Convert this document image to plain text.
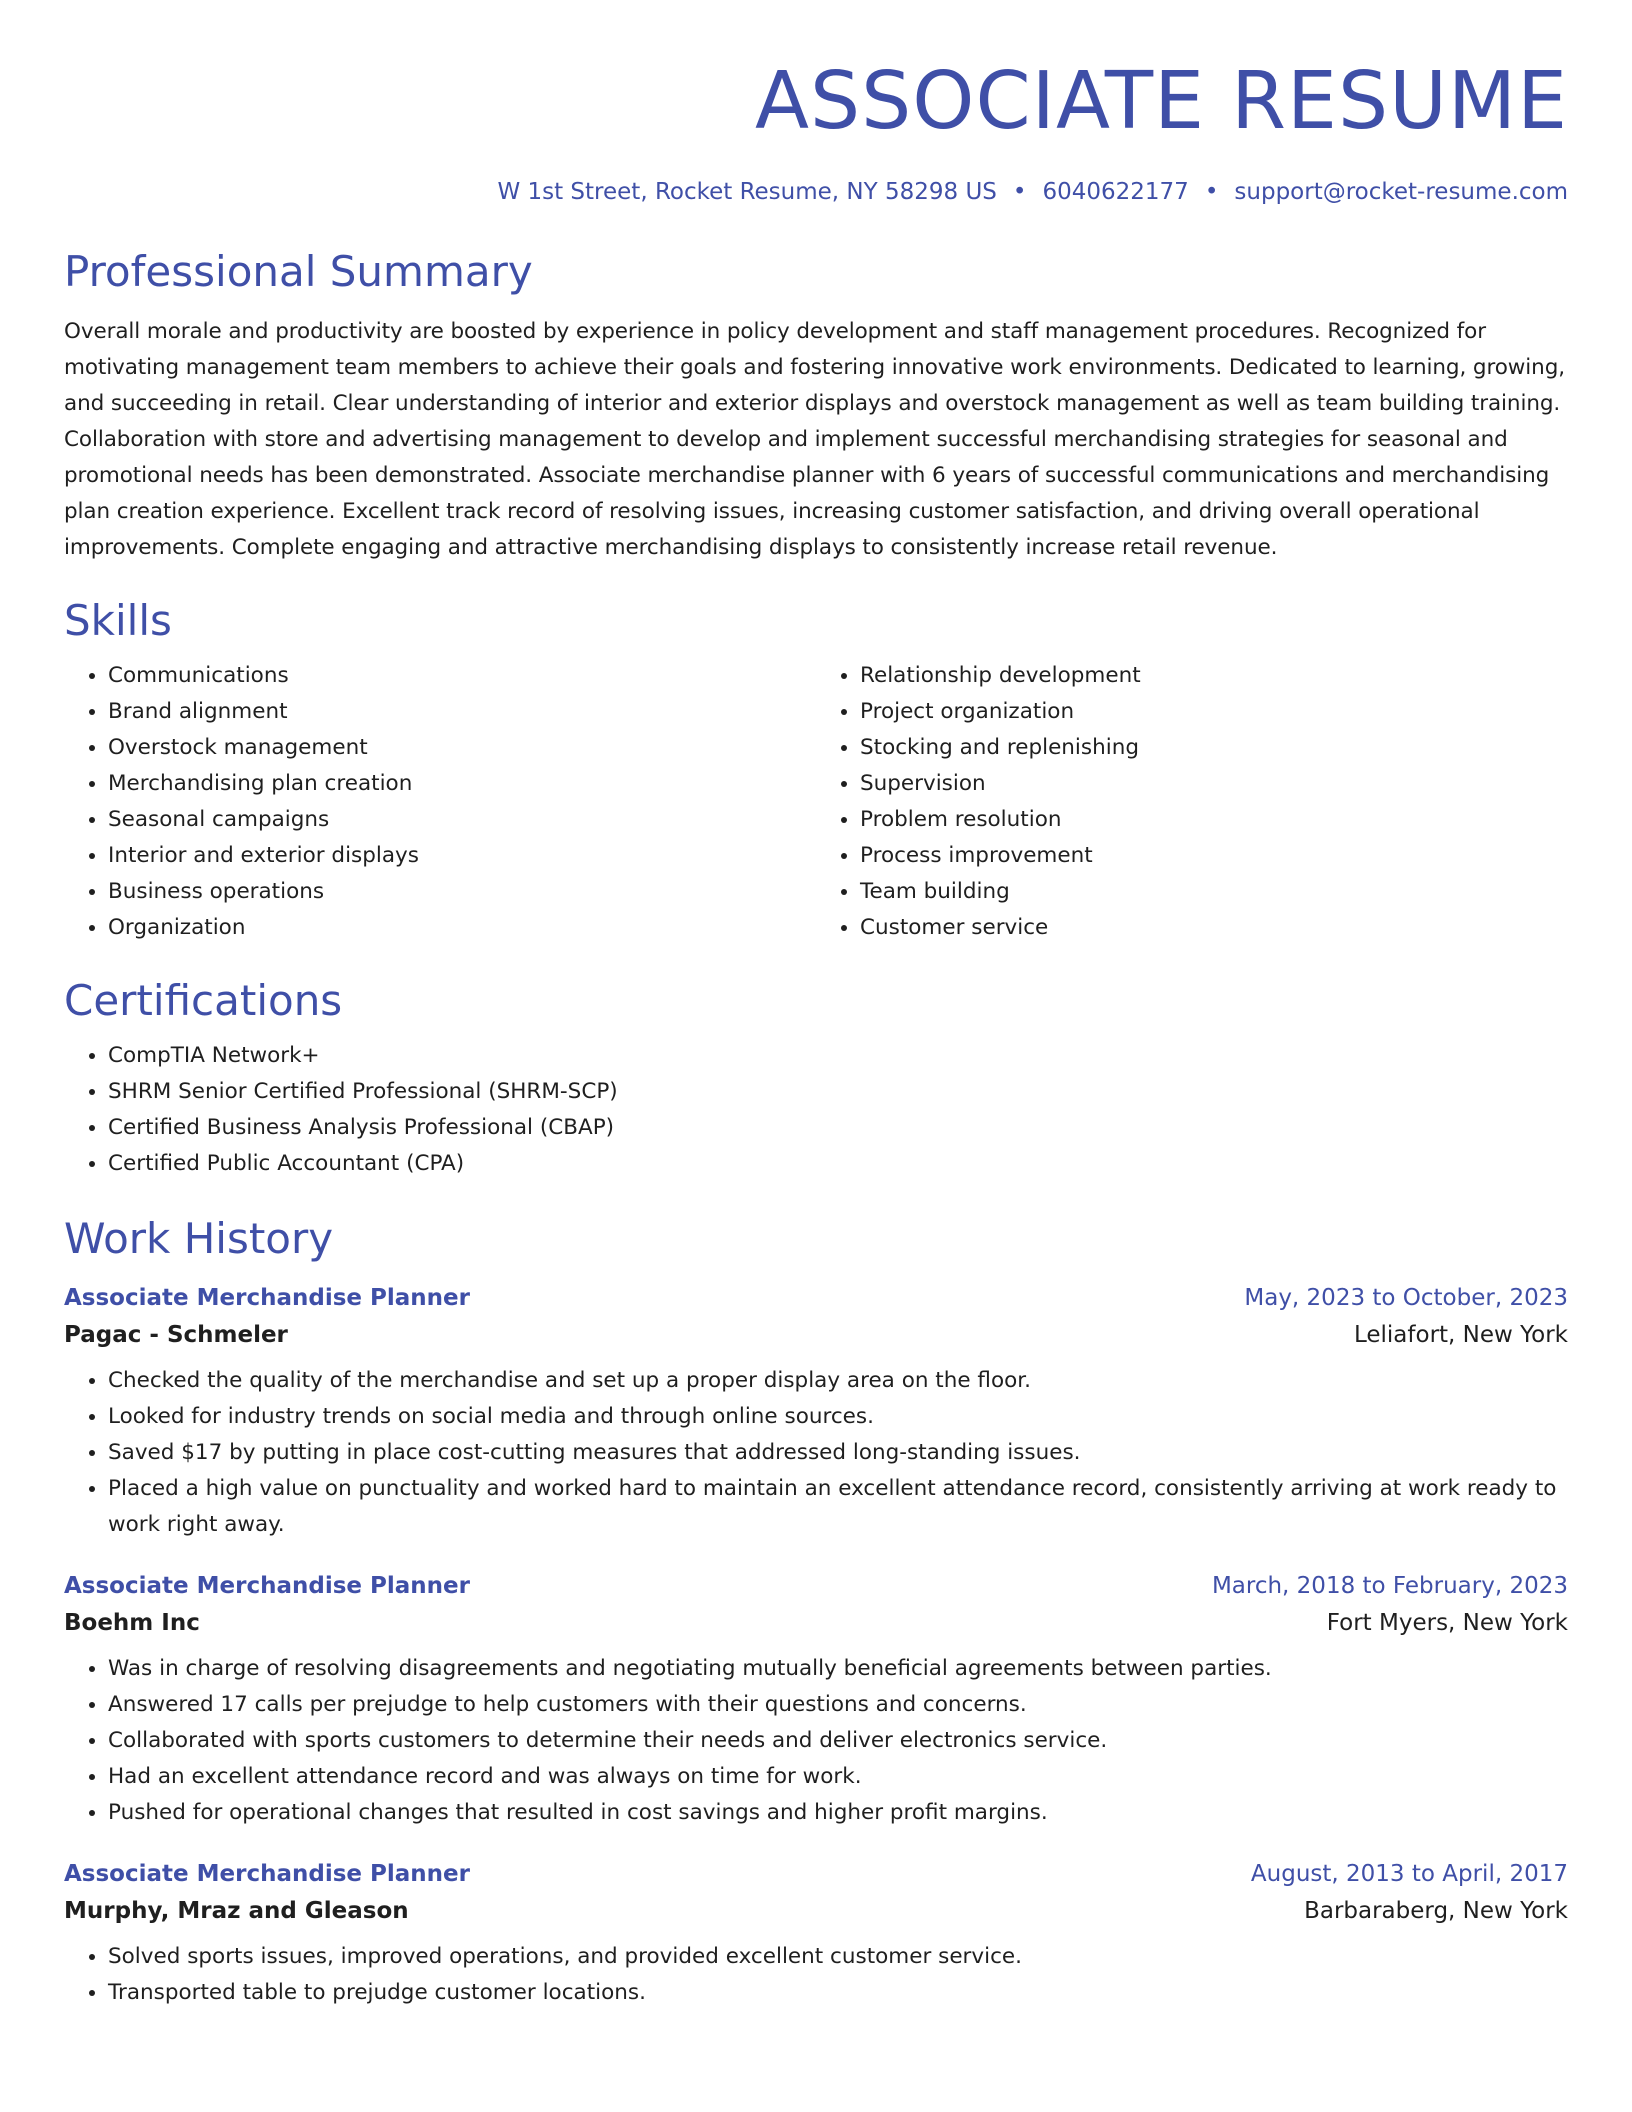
ASSOCIATE RESUME
W 1st Street, Rocket Resume, NY 58298 US • 6040622177 • support@rocket-resume.com
Professional Summary

Overall morale and productivity are boosted by experience in policy development and staff management procedures. Recognized for motivating management team members to achieve their goals and fostering innovative work environments. Dedicated to learning, growing, and succeeding in retail. Clear understanding of interior and exterior displays and overstock management as well as team building training. Collaboration with store and advertising management to develop and implement successful merchandising strategies for seasonal and promotional needs has been demonstrated. Associate merchandise planner with 6 years of successful communications and merchandising plan creation experience. Excellent track record of resolving issues, increasing customer satisfaction, and driving overall operational improvements. Complete engaging and attractive merchandising displays to consistently increase retail revenue.

Skills
• Communications
• Brand alignment
• Overstock management
• Merchandising plan creation
• Seasonal campaigns
• Interior and exterior displays
• Business operations
• Organization
• Relationship development
• Project organization
• Stocking and replenishing
• Supervision
• Problem resolution
• Process improvement
• Team building
• Customer service
Certifications
• CompTIA Network+
• SHRM Senior Certified Professional (SHRM-SCP)
• Certified Business Analysis Professional (CBAP)
• Certified Public Accountant (CPA)
Work History
Associate Merchandise Planner	May, 2023 to October, 2023
Pagac - Schmeler	Leliafort, New York
• Checked the quality of the merchandise and set up a proper display area on the floor.
• Looked for industry trends on social media and through online sources.
• Saved $17 by putting in place cost-cutting measures that addressed long-standing issues.
• Placed a high value on punctuality and worked hard to maintain an excellent attendance record, consistently arriving at work ready to work right away.
Associate Merchandise Planner	March, 2018 to February, 2023
Boehm Inc	Fort Myers, New York
• Was in charge of resolving disagreements and negotiating mutually beneficial agreements between parties.
• Answered 17 calls per prejudge to help customers with their questions and concerns.
• Collaborated with sports customers to determine their needs and deliver electronics service.
• Had an excellent attendance record and was always on time for work.
• Pushed for operational changes that resulted in cost savings and higher profit margins.
Associate Merchandise Planner	August, 2013 to April, 2017
Murphy, Mraz and Gleason	Barbaraberg, New York
• Solved sports issues, improved operations, and provided excellent customer service.
• Transported table to prejudge customer locations.
